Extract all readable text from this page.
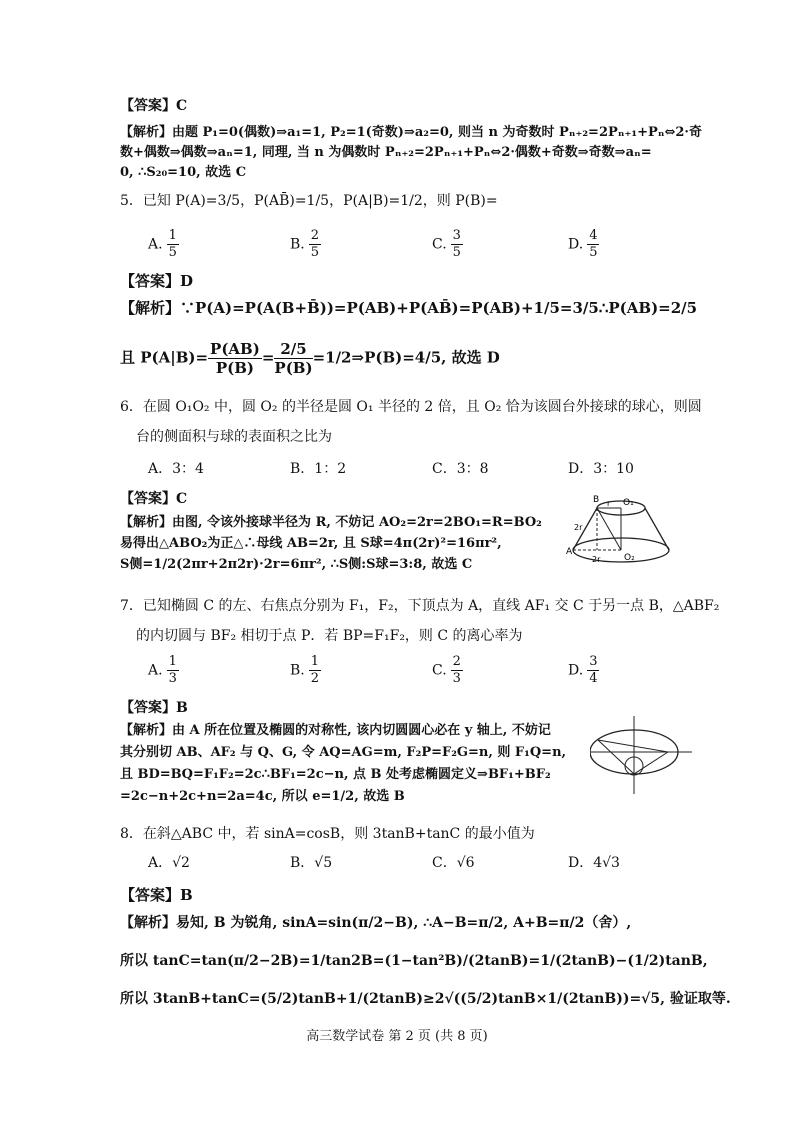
【答案】C
【解析】由题 P₁=0(偶数)⇒a₁=1, P₂=1(奇数)⇒a₂=0, 则当 n 为奇数时 Pₙ₊₂=2Pₙ₊₁+Pₙ⇔2·奇
数+偶数⇒偶数⇒aₙ=1, 同理, 当 n 为偶数时 Pₙ₊₂=2Pₙ₊₁+Pₙ⇔2·偶数+奇数⇒奇数⇒aₙ=
0, ∴S₂₀=10, 故选 C
5．已知 P(A)=3/5，P(AB̄)=1/5，P(A|B)=1/2，则 P(B)=
A. $\frac{1}{5}$	B. $\frac{2}{5}$	C. $\frac{3}{5}$	D. $\frac{4}{5}$
【答案】D
【解析】∵P(A)=P(A(B+B̄))=P(AB)+P(AB̄)=P(AB)+1/5=3/5∴P(AB)=2/5
且 $P(A|B)= \frac{P(AB)}{P(B)} = \frac{2/5}{P(B)}$ =1/2⇒P(B)=4/5, 故选 D
6．在圆 O₁O₂ 中，圆 O₂ 的半径是圆 O₁ 半径的 2 倍，且 O₂ 恰为该圆台外接球的球心，则圆
台的侧面积与球的表面积之比为
A．3：4	B．1：2	C．3：8	D．3：10
【答案】C
【解析】由图, 令该外接球半径为 R, 不妨记 AO₂=2r=2BO₁=R=BO₂
易得出△ABO₂为正△∴母线 AB=2r, 且 S球=4π(2r)²=16πr²,
S侧=1/2(2πr+2π2r)·2r=6πr², ∴S侧:S球=3:8, 故选 C
B	O₁
r
2r
A
2r	O₂
7．已知椭圆 C 的左、右焦点分别为 F₁，F₂，下顶点为 A，直线 AF₁ 交 C 于另一点 B，△ABF₂
的内切圆与 BF₂ 相切于点 P．若 BP=F₁F₂，则 C 的离心率为
A. $\frac{1}{3}$	B. $\frac{1}{2}$	C. $\frac{2}{3}$	D. $\frac{3}{4}$
【答案】B
【解析】由 A 所在位置及椭圆的对称性, 该内切圆圆心必在 y 轴上, 不妨记
其分别切 AB、AF₂ 与 Q、G, 令 AQ=AG=m, F₂P=F₂G=n, 则 F₁Q=n,
且 BD=BQ=F₁F₂=2c∴BF₁=2c−n, 点 B 处考虑椭圆定义⇒BF₁+BF₂
=2c−n+2c+n=2a=4c, 所以 e=1/2, 故选 B
8．在斜△ABC 中，若 sinA=cosB，则 3tanB+tanC 的最小值为
A．√2	B．√5	C．√6	D．4√3
【答案】B
【解析】易知, B 为锐角, sinA=sin(π/2−B), ∴A−B=π/2, A+B=π/2（舍）,
所以 tanC=tan(π/2−2B)=1/tan2B=(1−tan²B)/(2tanB)=1/(2tanB)−(1/2)tanB,
所以 3tanB+tanC=(5/2)tanB+1/(2tanB)≥2√((5/2)tanB×1/(2tanB))=√5, 验证取等.
高三数学试卷 第 2 页 (共 8 页)
